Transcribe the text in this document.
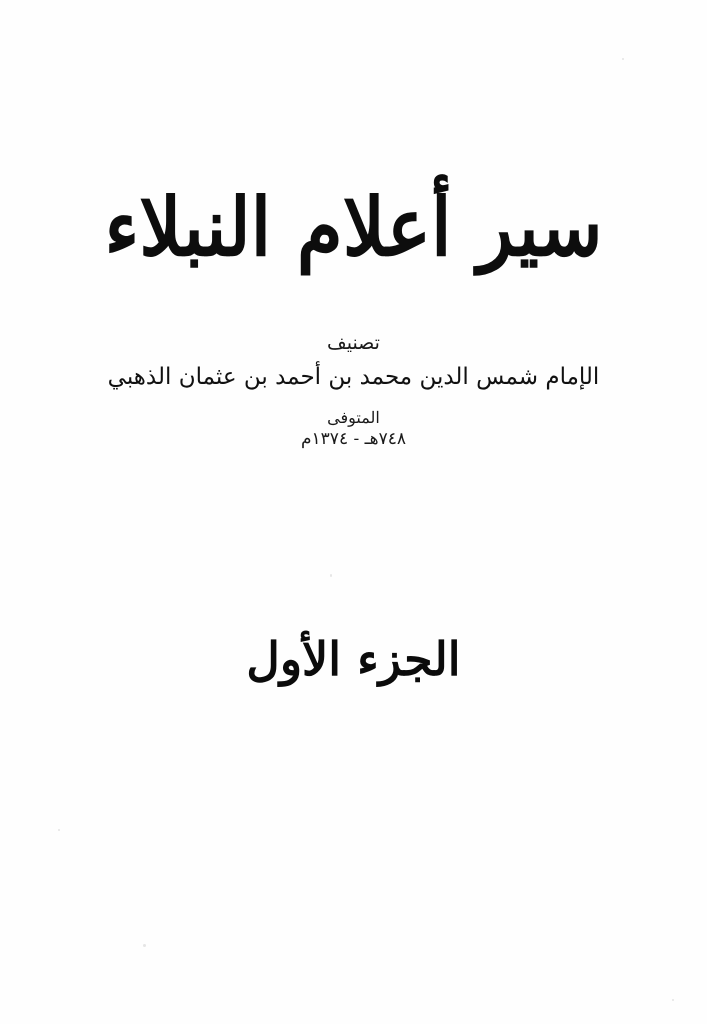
سير أعلام النبلاء

تصنيف

الإمام شمس الدين محمد بن أحمد بن عثمان الذهبي

المتوفى

٧٤٨هـ - ١٣٧٤م

الجزء الأول
